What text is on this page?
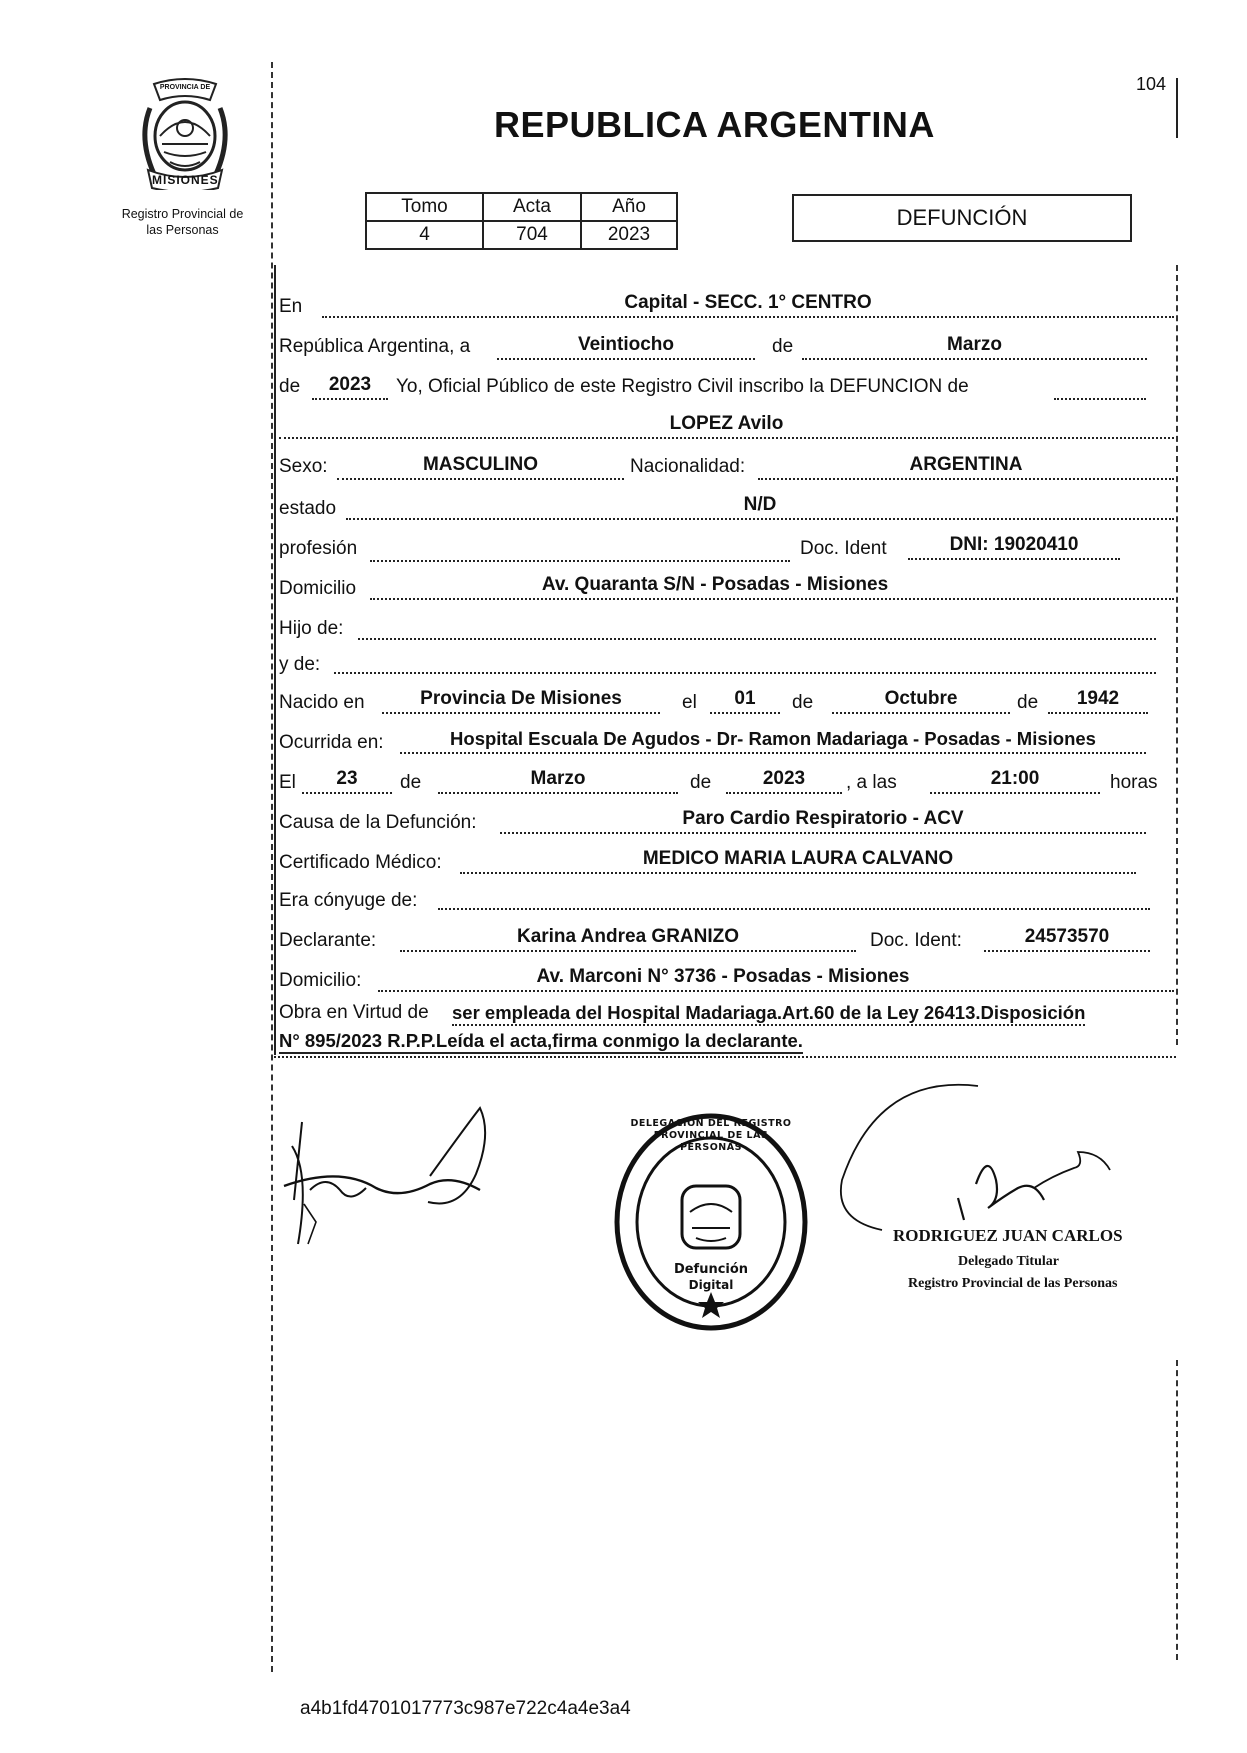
104
PROVINCIA DE
MISIONES
Registro Provincial de
las Personas
REPUBLICA ARGENTINA
Tomo	Acta	Año
4	704	2023
DEFUNCIÓN
En	Capital - SECC. 1° CENTRO
República Argentina, a	Veintiocho	de	Marzo
de	2023	Yo, Oficial Público de este Registro Civil inscribo la DEFUNCION de
LOPEZ Avilo
Sexo:	MASCULINO	Nacionalidad:	ARGENTINA
estado	N/D
profesión	Doc. Ident	DNI: 19020410
Domicilio	Av. Quaranta S/N - Posadas - Misiones
Hijo de:
y de:
Nacido en	Provincia De Misiones	el	01	de	Octubre	de	1942
Ocurrida en:	Hospital Escuala De Agudos - Dr- Ramon Madariaga - Posadas - Misiones
El	23	de	Marzo	de	2023	, a las	21:00	horas
Causa de la Defunción:	Paro Cardio Respiratorio - ACV
Certificado Médico:	MEDICO MARIA LAURA CALVANO
Era cónyuge de:
Declarante:	Karina Andrea GRANIZO	Doc. Ident:	24573570
Domicilio:	Av. Marconi N° 3736 - Posadas - Misiones
Obra en Virtud de ser empleada del Hospital Madariaga.Art.60 de la Ley 26413.Disposición
N° 895/2023 R.P.P.Leída el acta,firma conmigo la declarante.
DELEGACION DEL REGISTRO PROVINCIAL DE LAS PERSONAS
Defunción
Digital
RODRIGUEZ JUAN CARLOS
Delegado Titular
Registro Provincial de las Personas
a4b1fd4701017773c987e722c4a4e3a4
